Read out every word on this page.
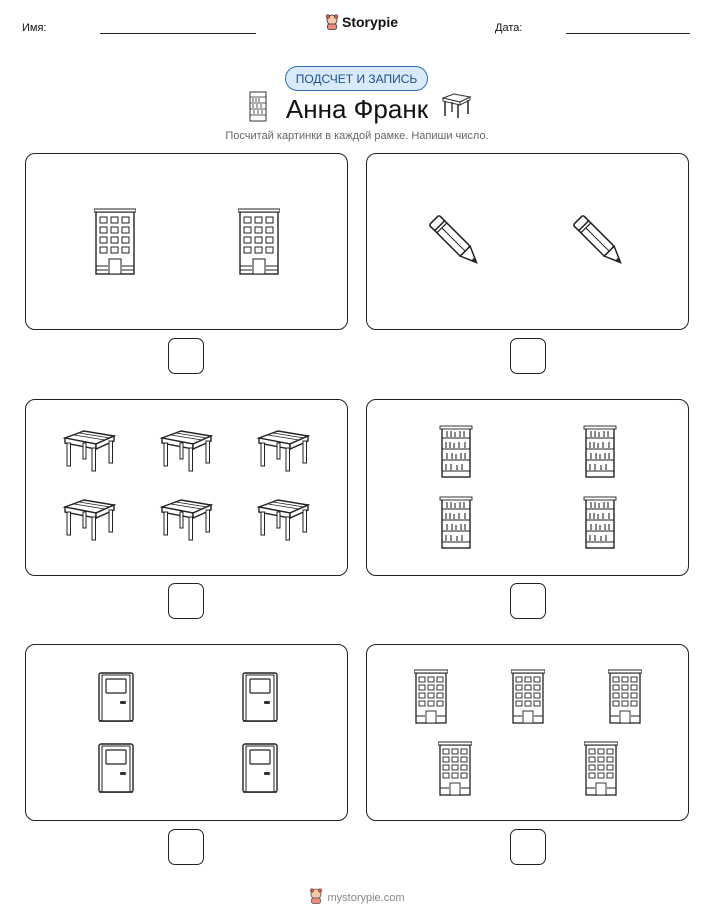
Имя:	Storypie	Дата:
ПОДСЧЕТ И ЗАПИСЬ
Анна Франк
Посчитай картинки в каждой рамке. Напиши число.
mystorypie.com
